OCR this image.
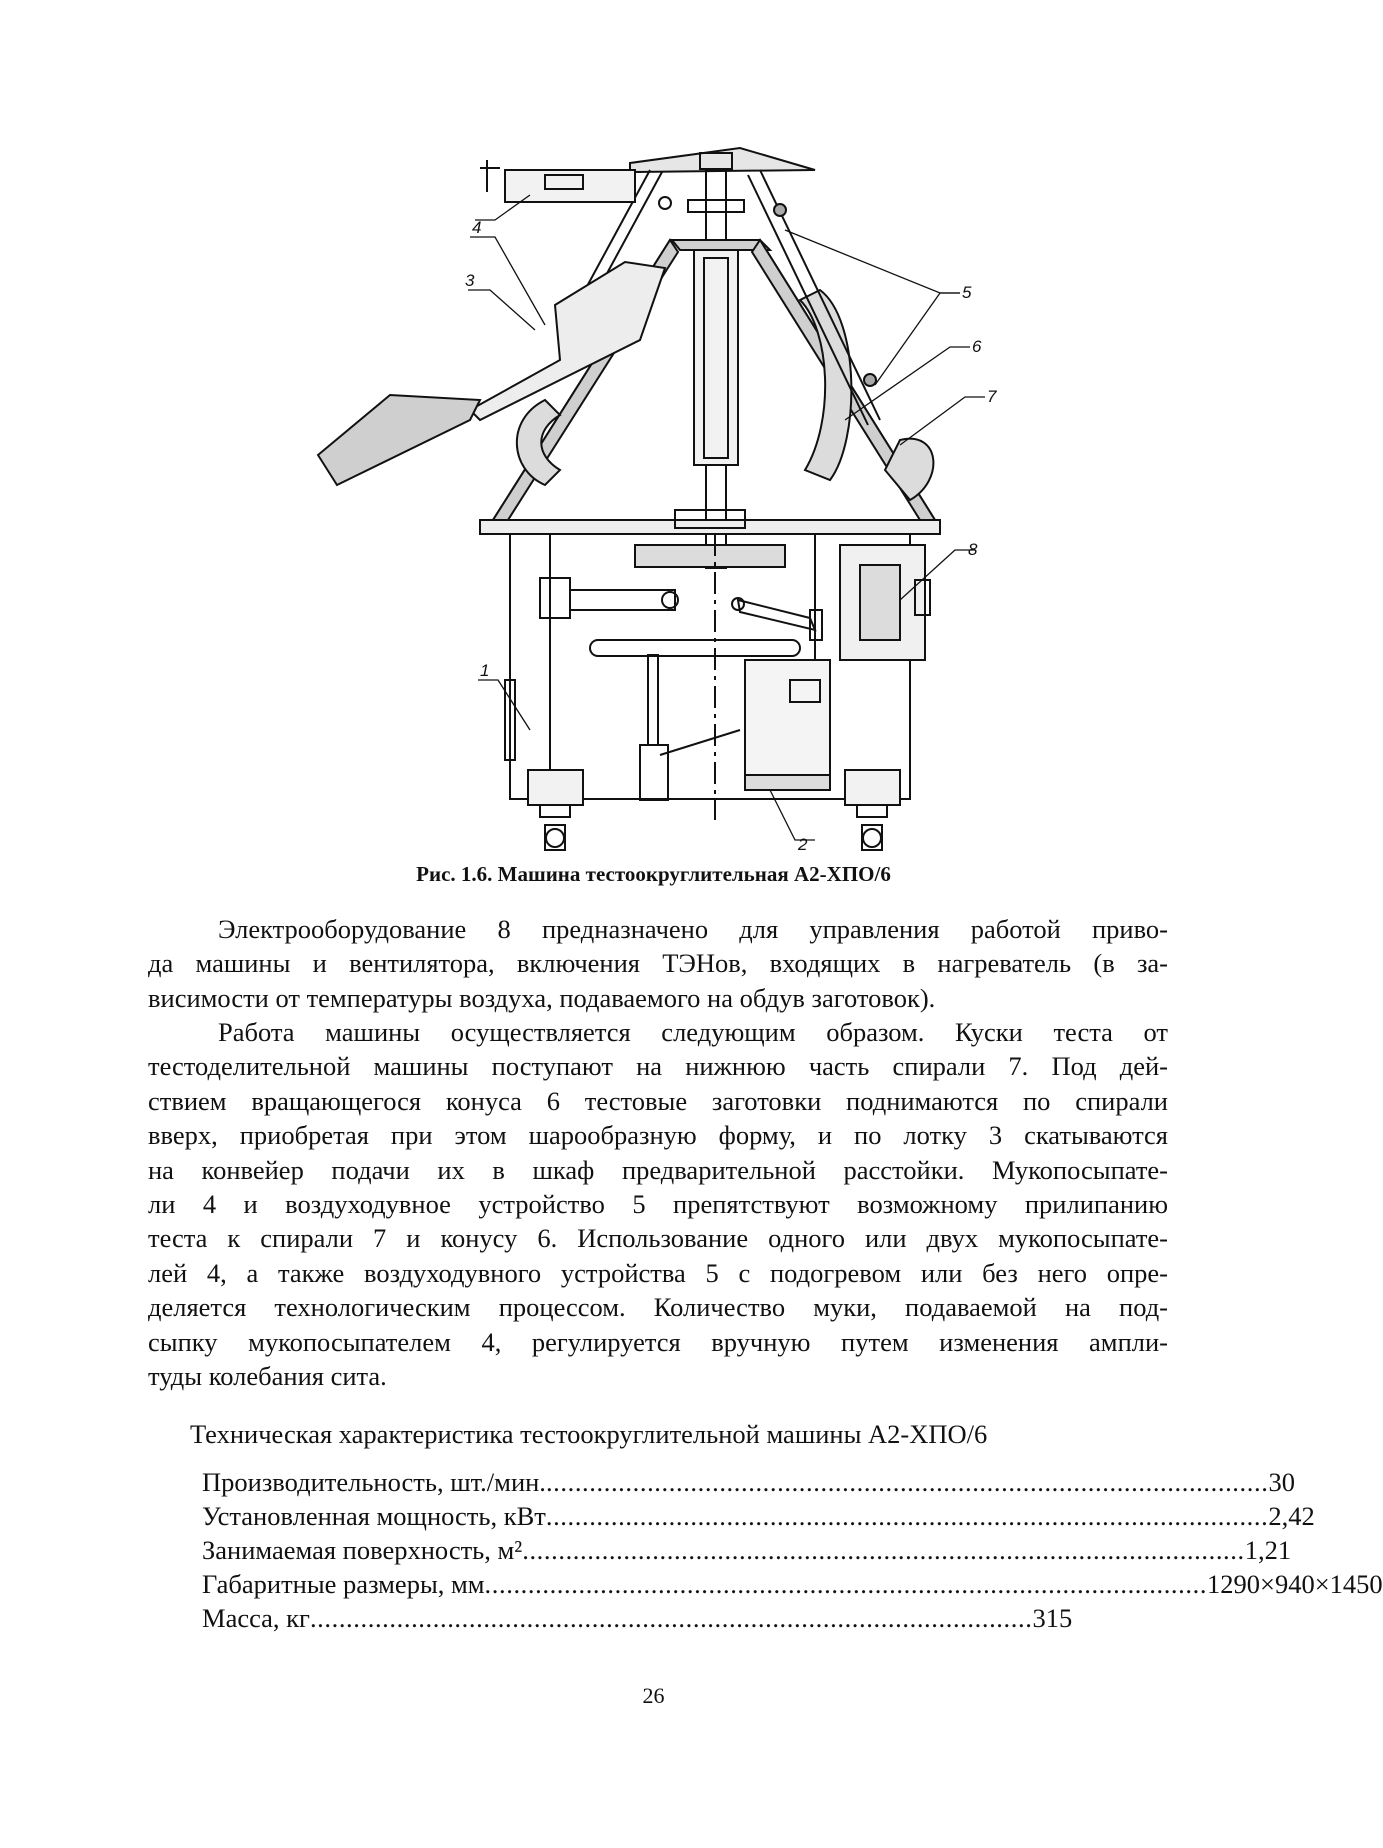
4
3
5
6
7
8
1
2
Рис. 1.6. Машина тестоокруглительная А2-ХПО/6

Электрооборудование 8 предназначено для управления работой приво-
да машины и вентилятора, включения ТЭНов, входящих в нагреватель (в за-
висимости от температуры воздуха, подаваемого на обдув заготовок).

Работа машины осуществляется следующим образом. Куски теста от
тестоделительной машины поступают на нижнюю часть спирали 7. Под дей-
ствием вращающегося конуса 6 тестовые заготовки поднимаются по спирали
вверх, приобретая при этом шарообразную форму, и по лотку 3 скатываются
на конвейер подачи их в шкаф предварительной расстойки. Мукопосыпате-
ли 4 и воздуходувное устройство 5 препятствуют возможному прилипанию
теста к спирали 7 и конусу 6. Использование одного или двух мукопосыпате-
лей 4, а также воздуходувного устройства 5 с подогревом или без него опре-
деляется технологическим процессом. Количество муки, подаваемой на под-
сыпку мукопосыпателем 4, регулируется вручную путем изменения ампли-
туды колебания сита.

Техническая характеристика тестоокруглительной машины А2-ХПО/6
Производительность, шт./мин. .................................................................................................... 30
Установленная мощность, кВт .................................................................................................... 2,42
Занимаемая поверхность, м² .................................................................................................... 1,21
Габаритные размеры, мм .................................................................................................... 1290×940×1450
Масса, кг .................................................................................................... 315
26
